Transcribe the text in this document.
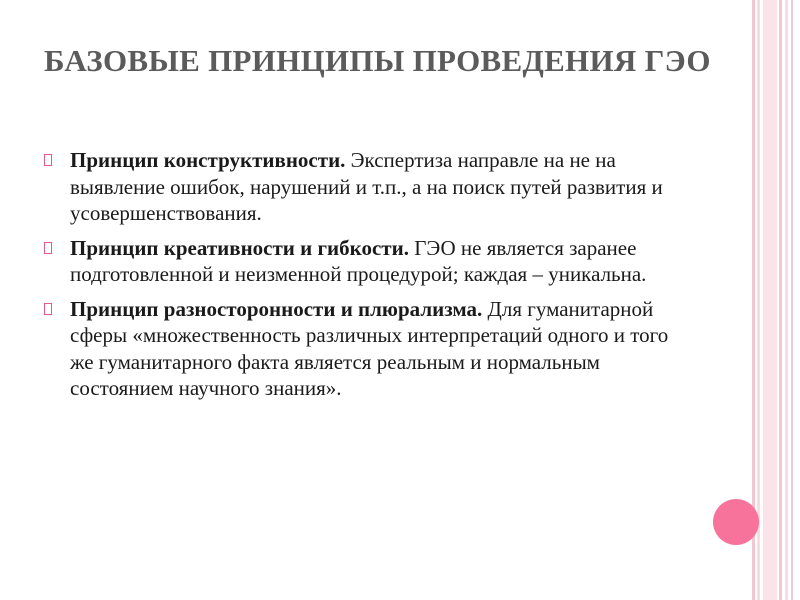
БАЗОВЫЕ ПРИНЦИПЫ ПРОВЕДЕНИЯ ГЭО
Принцип конструктивности. Экспертиза направле на не на выявление ошибок, нарушений и т.п., а на поиск путей развития и усовершенствования.
Принцип креативности и гибкости. ГЭО не является заранее подготовленной и неизменной процедурой; каждая – уникальна.
Принцип разносторонности и плюрализма. Для гуманитарной сферы «множественность различных интерпретаций одного и того же гуманитарного факта является реальным и нормальным состоянием научного знания».
